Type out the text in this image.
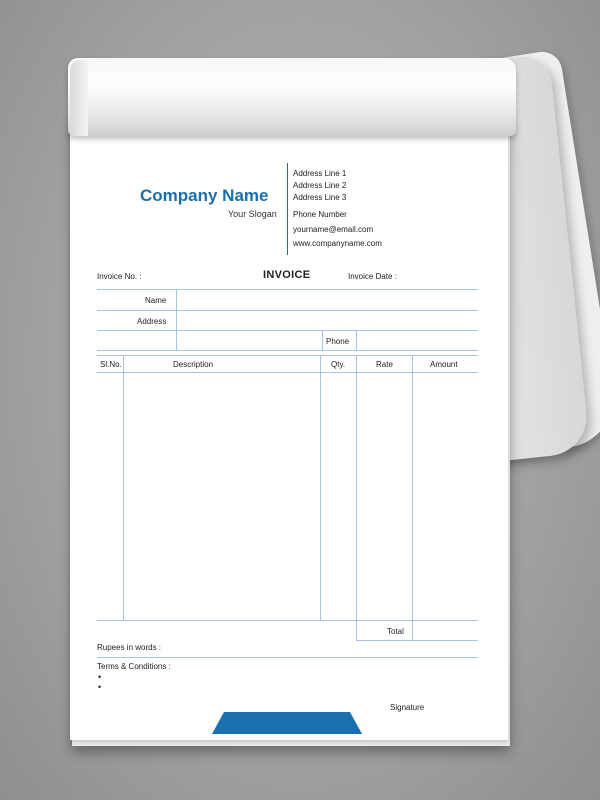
Company Name
Your Slogan
Address Line 1
Address Line 2
Address Line 3
Phone Number
yourname@email.com
www.companyname.com
Invoice No. :	INVOICE	Invoice Date :
Name
Address
Phone
Sl.No.	Description	Qty.	Rate	Amount
Total
Rupees in words :
Terms & Conditions :
•
•
Signature
